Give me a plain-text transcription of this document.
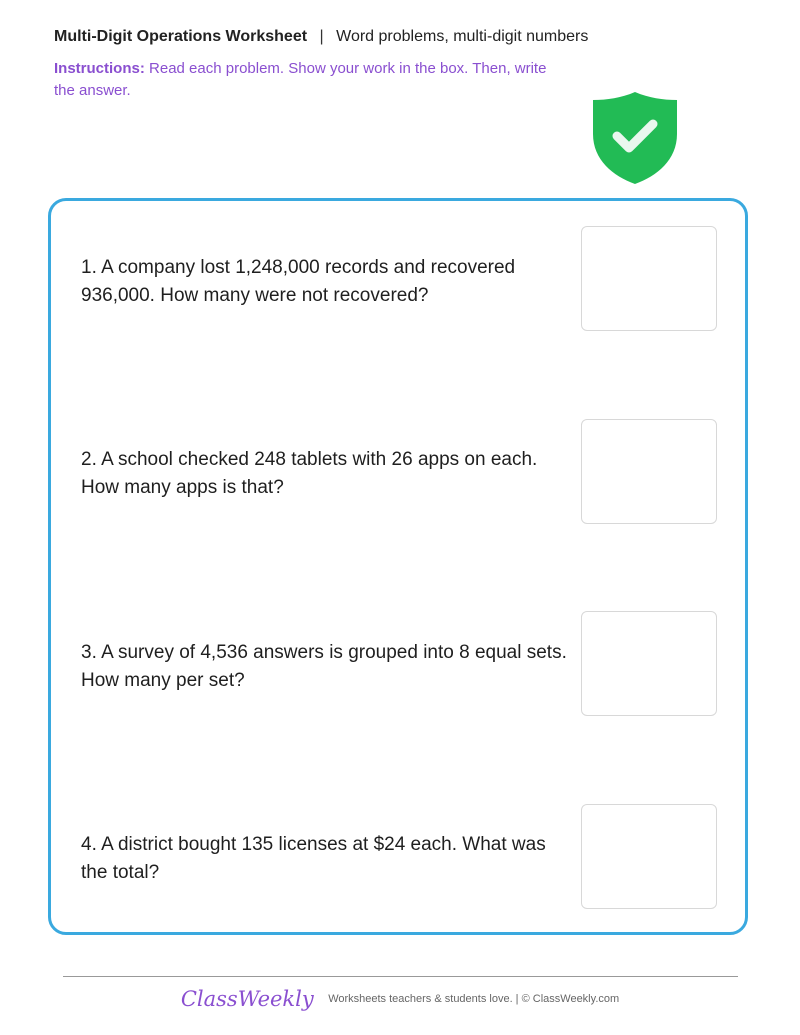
Multi-Digit Operations Worksheet | Word problems, multi-digit numbers
Instructions: Read each problem. Show your work in the box. Then, write the answer.
1. A company lost 1,248,000 records and recovered 936,000. How many were not recovered?
2. A school checked 248 tablets with 26 apps on each. How many apps is that?
3. A survey of 4,536 answers is grouped into 8 equal sets. How many per set?
4. A district bought 135 licenses at $24 each. What was the total?
ClassWeekly Worksheets teachers & students love. | © ClassWeekly.com
